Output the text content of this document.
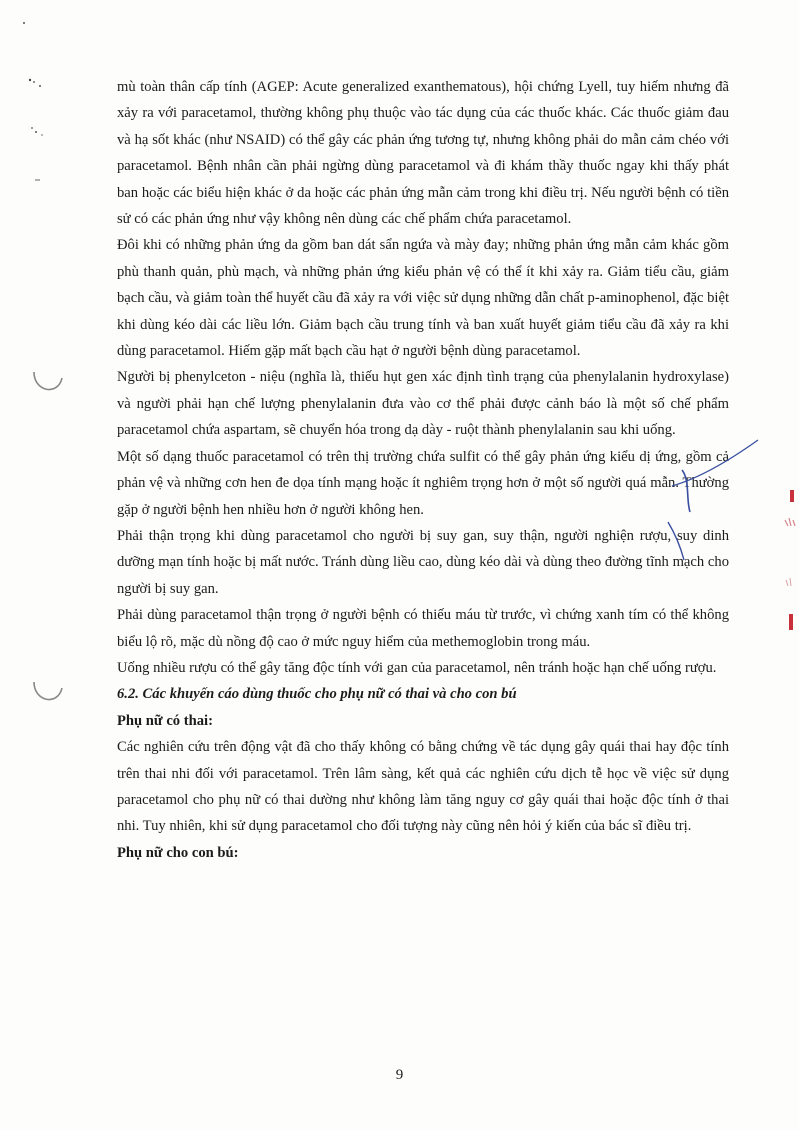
mù toàn thân cấp tính (AGEP: Acute generalized exanthematous), hội chứng Lyell, tuy hiếm nhưng đã xảy ra với paracetamol, thường không phụ thuộc vào tác dụng của các thuốc khác. Các thuốc giảm đau và hạ sốt khác (như NSAID) có thể gây các phản ứng tương tự, nhưng không phải do mẫn cảm chéo với paracetamol. Bệnh nhân cần phải ngừng dùng paracetamol và đi khám thầy thuốc ngay khi thấy phát ban hoặc các biểu hiện khác ở da hoặc các phản ứng mẫn cảm trong khi điều trị. Nếu người bệnh có tiền sử có các phản ứng như vậy không nên dùng các chế phẩm chứa paracetamol.

Đôi khi có những phản ứng da gồm ban dát sẩn ngứa và mày đay; những phản ứng mẫn cảm khác gồm phù thanh quản, phù mạch, và những phản ứng kiểu phản vệ có thể ít khi xảy ra. Giảm tiểu cầu, giảm bạch cầu, và giảm toàn thể huyết cầu đã xảy ra với việc sử dụng những dẫn chất p-aminophenol, đặc biệt khi dùng kéo dài các liều lớn. Giảm bạch cầu trung tính và ban xuất huyết giảm tiểu cầu đã xảy ra khi dùng paracetamol. Hiếm gặp mất bạch cầu hạt ở người bệnh dùng paracetamol.

Người bị phenylceton - niệu (nghĩa là, thiếu hụt gen xác định tình trạng của phenylalanin hydroxylase) và người phải hạn chế lượng phenylalanin đưa vào cơ thể phải được cảnh báo là một số chế phẩm paracetamol chứa aspartam, sẽ chuyển hóa trong dạ dày - ruột thành phenylalanin sau khi uống.

Một số dạng thuốc paracetamol có trên thị trường chứa sulfit có thể gây phản ứng kiểu dị ứng, gồm cả phản vệ và những cơn hen đe dọa tính mạng hoặc ít nghiêm trọng hơn ở một số người quá mẫn. Thường gặp ở người bệnh hen nhiều hơn ở người không hen.

Phải thận trọng khi dùng paracetamol cho người bị suy gan, suy thận, người nghiện rượu, suy dinh dưỡng mạn tính hoặc bị mất nước. Tránh dùng liều cao, dùng kéo dài và dùng theo đường tĩnh mạch cho người bị suy gan.

Phải dùng paracetamol thận trọng ở người bệnh có thiếu máu từ trước, vì chứng xanh tím có thể không biểu lộ rõ, mặc dù nồng độ cao ở mức nguy hiểm của methemoglobin trong máu.

Uống nhiều rượu có thể gây tăng độc tính với gan của paracetamol, nên tránh hoặc hạn chế uống rượu.

6.2. Các khuyến cáo dùng thuốc cho phụ nữ có thai và cho con bú

Phụ nữ có thai:

Các nghiên cứu trên động vật đã cho thấy không có bằng chứng về tác dụng gây quái thai hay độc tính trên thai nhi đối với paracetamol. Trên lâm sàng, kết quả các nghiên cứu dịch tễ học về việc sử dụng paracetamol cho phụ nữ có thai dường như không làm tăng nguy cơ gây quái thai hoặc độc tính ở thai nhi. Tuy nhiên, khi sử dụng paracetamol cho đối tượng này cũng nên hỏi ý kiến của bác sĩ điều trị.

Phụ nữ cho con bú:

9
